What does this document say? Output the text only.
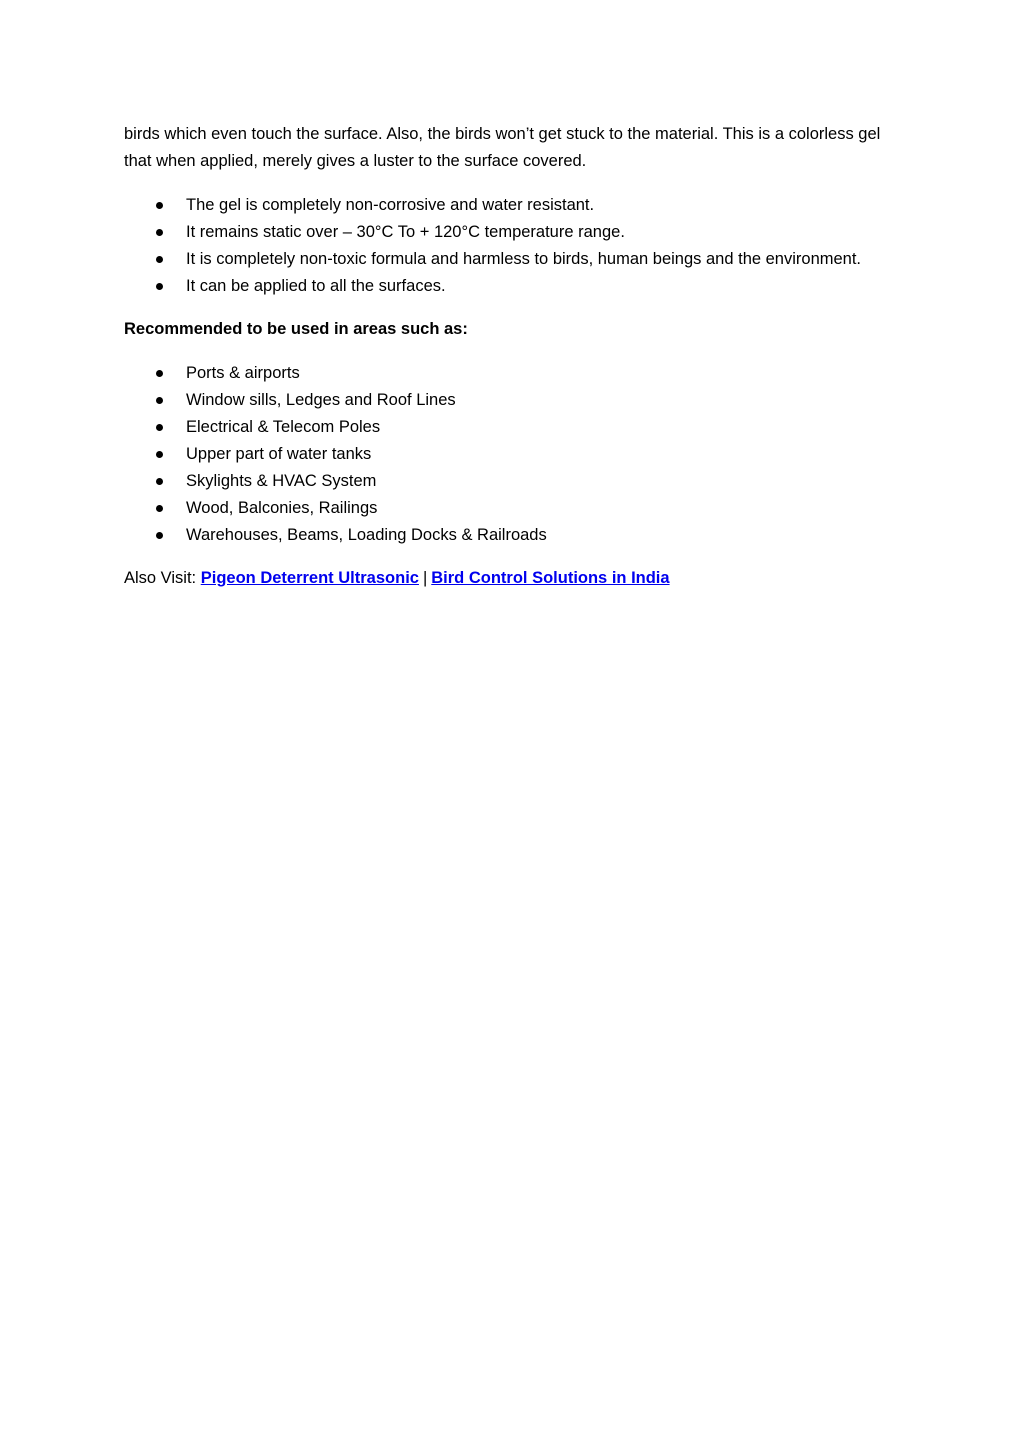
birds which even touch the surface. Also, the birds won’t get stuck to the material. This is a colorless gel that when applied, merely gives a luster to the surface covered.

The gel is completely non-corrosive and water resistant.
It remains static over – 30°C To + 120°C temperature range.
It is completely non-toxic formula and harmless to birds, human beings and the environment.
It can be applied to all the surfaces.

Recommended to be used in areas such as:

Ports & airports
Window sills, Ledges and Roof Lines
Electrical & Telecom Poles
Upper part of water tanks
Skylights & HVAC System
Wood, Balconies, Railings
Warehouses, Beams, Loading Docks & Railroads

Also Visit: Pigeon Deterrent Ultrasonic | Bird Control Solutions in India
